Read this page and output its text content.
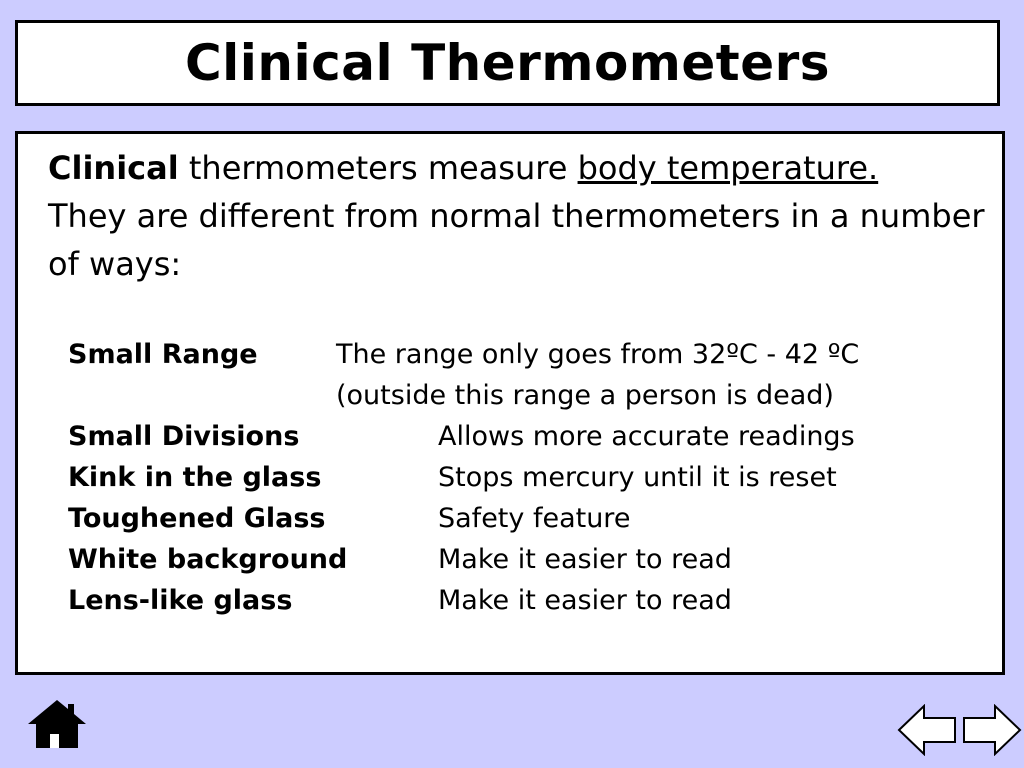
Clinical Thermometers

Clinical thermometers measure body temperature.
They are different from normal thermometers in a number of ways:

Small Range	The range only goes from 32ºC - 42 ºC
(outside this range a person is dead)
Small Divisions	Allows more accurate readings
Kink in the glass	Stops mercury until it is reset
Toughened Glass	Safety feature
White background	Make it easier to read
Lens-like glass	Make it easier to read
